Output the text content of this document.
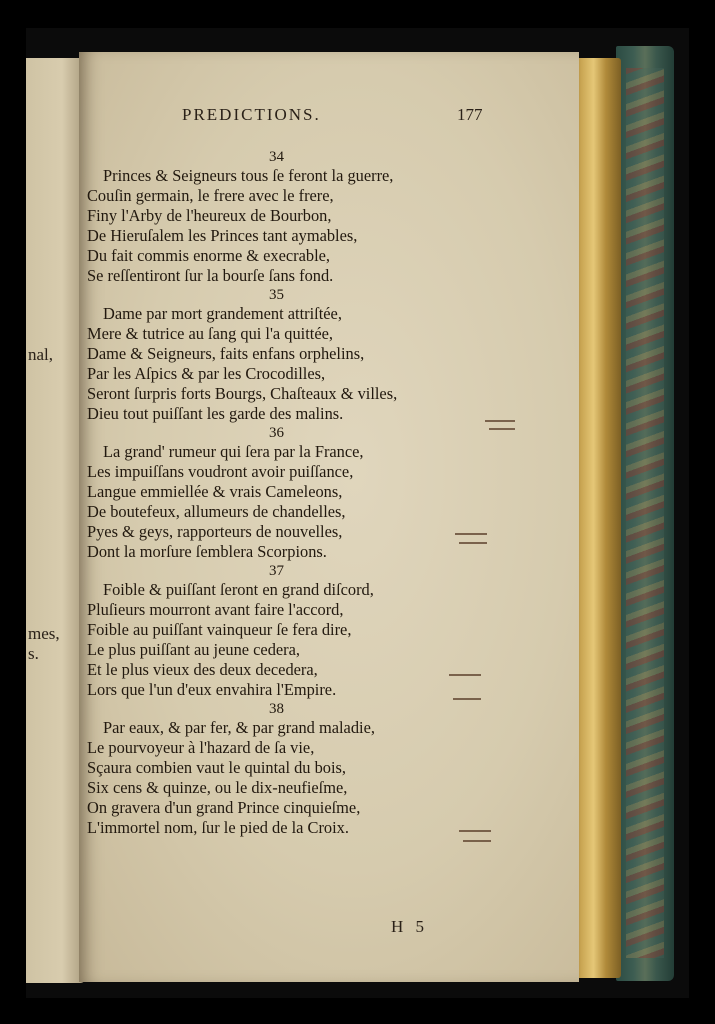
nal,
mes,
s.
PREDICTIONS.	177
34
Princes & Seigneurs tous ſe feront la guerre,
Couſin germain, le frere avec le frere,
Finy l'Arby de l'heureux de Bourbon,
De Hieruſalem les Princes tant aymables,
Du fait commis enorme & execrable,
Se reſſentiront ſur la bourſe ſans fond.
35
Dame par mort grandement attriſtée,
Mere & tutrice au ſang qui l'a quittée,
Dame & Seigneurs, faits enfans orphelins,
Par les Aſpics & par les Crocodilles,
Seront ſurpris forts Bourgs, Chaſteaux & villes,
Dieu tout puiſſant les garde des malins.
36
La grand' rumeur qui ſera par la France,
Les impuiſſans voudront avoir puiſſance,
Langue emmiellée & vrais Cameleons,
De boutefeux, allumeurs de chandelles,
Pyes & geys, rapporteurs de nouvelles,
Dont la morſure ſemblera Scorpions.
37
Foible & puiſſant ſeront en grand diſcord,
Pluſieurs mourront avant faire l'accord,
Foible au puiſſant vainqueur ſe fera dire,
Le plus puiſſant au jeune cedera,
Et le plus vieux des deux decedera,
Lors que l'un d'eux envahira l'Empire.
38
Par eaux, & par fer, & par grand maladie,
Le pourvoyeur à l'hazard de ſa vie,
Sçaura combien vaut le quintal du bois,
Six cens & quinze, ou le dix-neufieſme,
On gravera d'un grand Prince cinquieſme,
L'immortel nom, ſur le pied de la Croix.
H 5
